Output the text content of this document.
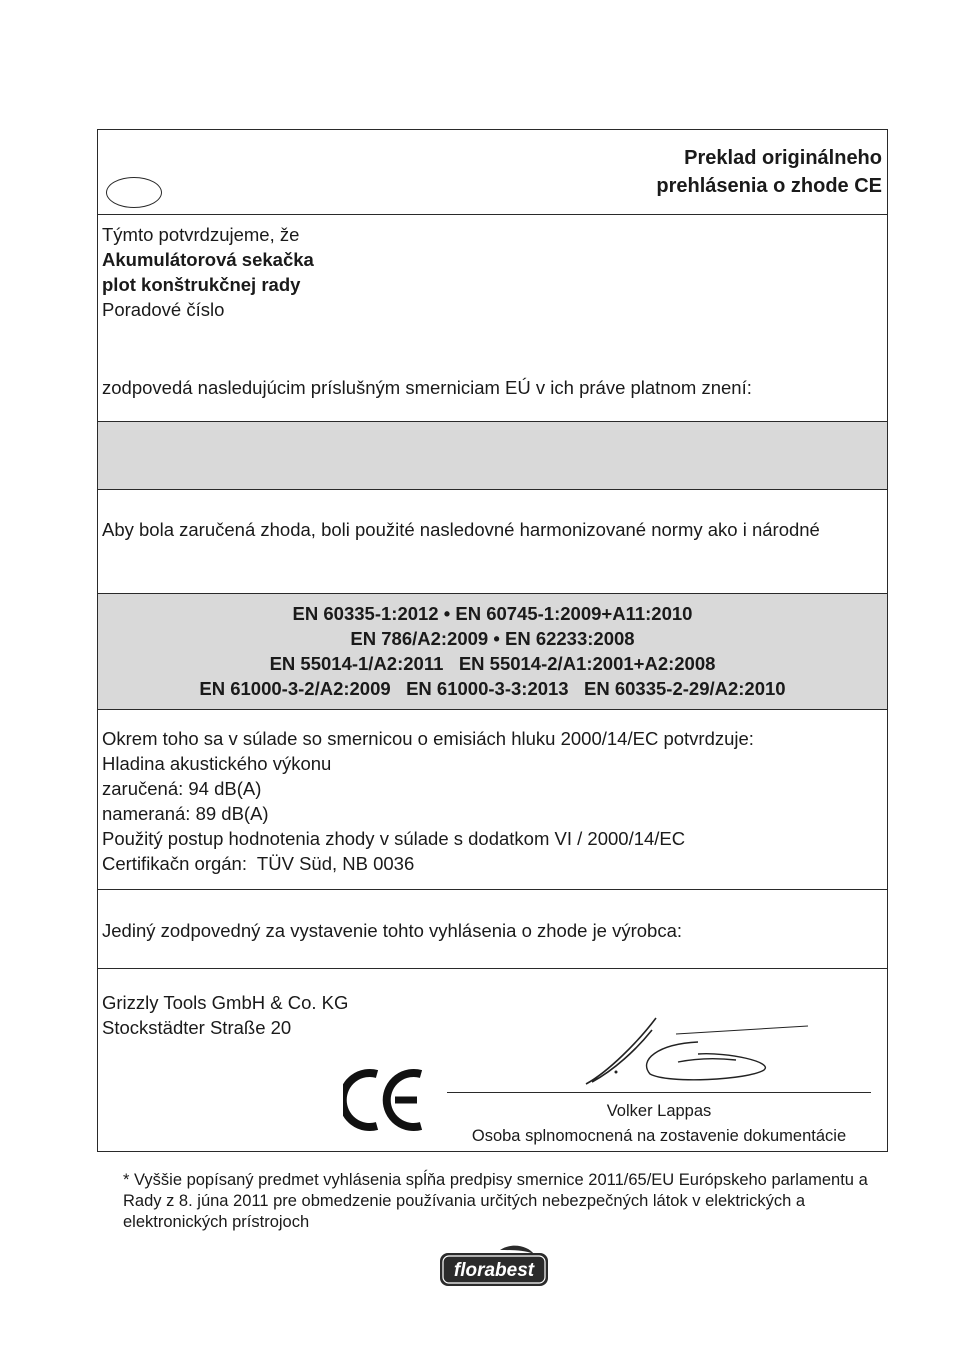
Preklad originálneho
prehlásenia o zhode CE
Týmto potvrdzujeme, že
Akumulátorová sekačka
plot konštrukčnej rady
Poradové číslo
zodpovedá nasledujúcim príslušným smerniciam EÚ v ich práve platnom znení:
Aby bola zaručená zhoda, boli použité nasledovné harmonizované normy ako i národné
EN 60335-1:2012 • EN 60745-1:2009+A11:2010
EN 786/A2:2009 • EN 62233:2008
EN 55014-1/A2:2011   EN 55014-2/A1:2001+A2:2008
EN 61000-3-2/A2:2009   EN 61000-3-3:2013   EN 60335-2-29/A2:2010
Okrem toho sa v súlade so smernicou o emisiách hluku 2000/14/EC potvrdzuje:
Hladina akustického výkonu
zaručená: 94 dB(A)
nameraná: 89 dB(A)
Použitý postup hodnotenia zhody v súlade s dodatkom VI / 2000/14/EC
Certifikačn orgán:  TÜV Süd, NB 0036
Jediný zodpovedný za vystavenie tohto vyhlásenia o zhode je výrobca:
Grizzly Tools GmbH & Co. KG
Stockstädter Straße 20
Volker Lappas
Osoba splnomocnená na zostavenie dokumentácie
* Vyššie popísaný predmet vyhlásenia spĺňa predpisy smernice 2011/65/EU Európskeho parlamentu a Rady z 8. júna 2011 pre obmedzenie používania určitých nebezpečných látok v elektrických a elektronických prístrojoch
florabest
